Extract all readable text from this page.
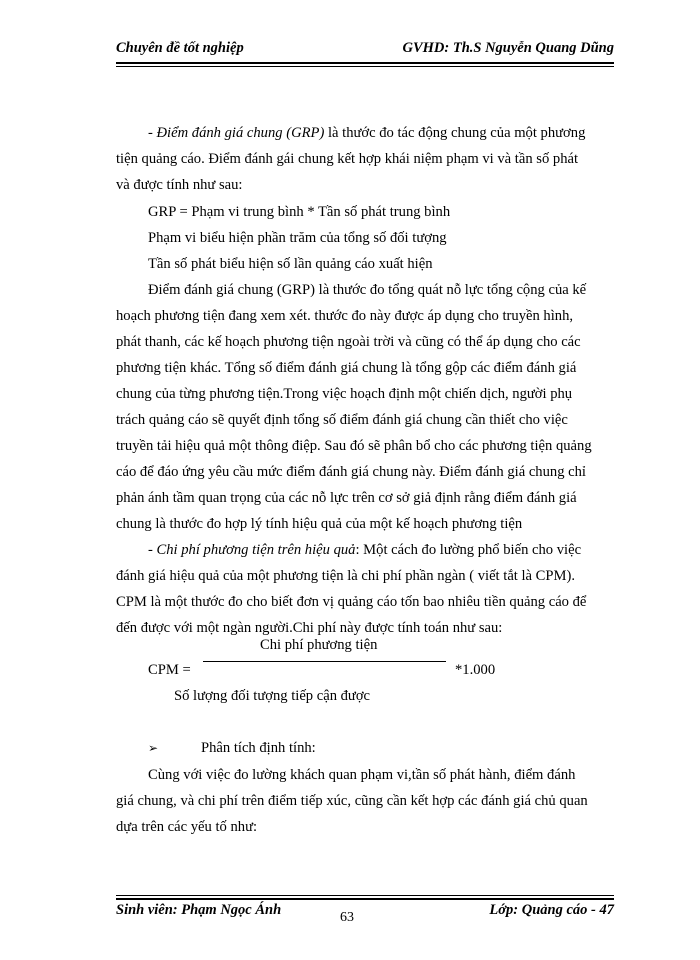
Chuyên đề tốt nghiệp	GVHD: Th.S Nguyễn Quang Dũng
- Điểm đánh giá chung (GRP) là thước đo tác động chung của một phương
tiện quảng cáo. Điểm đánh gái chung kết hợp khái niệm phạm vi và tần số phát
và được tính như sau:
GRP = Phạm vi trung bình * Tần số phát trung bình
Phạm vi biểu hiện phần trăm của tổng số đối tượng
Tần số phát biểu hiện số lần quảng cáo xuất hiện
Điểm đánh giá chung (GRP) là thước đo tổng quát nỗ lực tổng cộng của kế
hoạch phương tiện đang xem xét. thước đo này được áp dụng cho truyền hình,
phát thanh, các kế hoạch phương tiện ngoài trời và cũng có thể áp dụng cho các
phương tiện khác. Tổng số điểm đánh giá chung là tổng gộp các điểm đánh giá
chung của từng phương tiện.Trong việc hoạch định một chiến dịch, người phụ
trách quảng cáo sẽ quyết định tổng số điểm đánh giá chung cần thiết cho việc
truyền tải hiệu quả một thông điệp. Sau đó sẽ phân bổ cho các phương tiện quảng
cáo để đáo ứng yêu cầu mức điểm đánh giá chung này. Điểm đánh giá chung chỉ
phản ánh tầm quan trọng của các nỗ lực trên cơ sở giả định rằng điểm đánh giá
chung là thước đo hợp lý tính hiệu quả của một kế hoạch phương tiện
- Chi phí phương tiện trên hiệu quả: Một cách đo lường phổ biến cho việc
đánh giá hiệu quả của một phương tiện là chi phí phần ngàn ( viết tắt là CPM).
CPM là một thước đo cho biết đơn vị quảng cáo tốn bao nhiêu tiền quảng cáo để
đến được với một ngàn người.Chi phí này được tính toán như sau:
Chi phí phương tiện
CPM =	*1.000
Số lượng đối tượng tiếp cận được
➢	Phân tích định tính:
Cùng với việc đo lường khách quan phạm vi,tần số phát hành, điểm đánh
giá chung, và chi phí trên điểm tiếp xúc, cũng cần kết hợp các đánh giá chủ quan
dựa trên các yếu tố như:
Sinh viên: Phạm Ngọc Ánh	Lớp: Quảng cáo - 47
63
